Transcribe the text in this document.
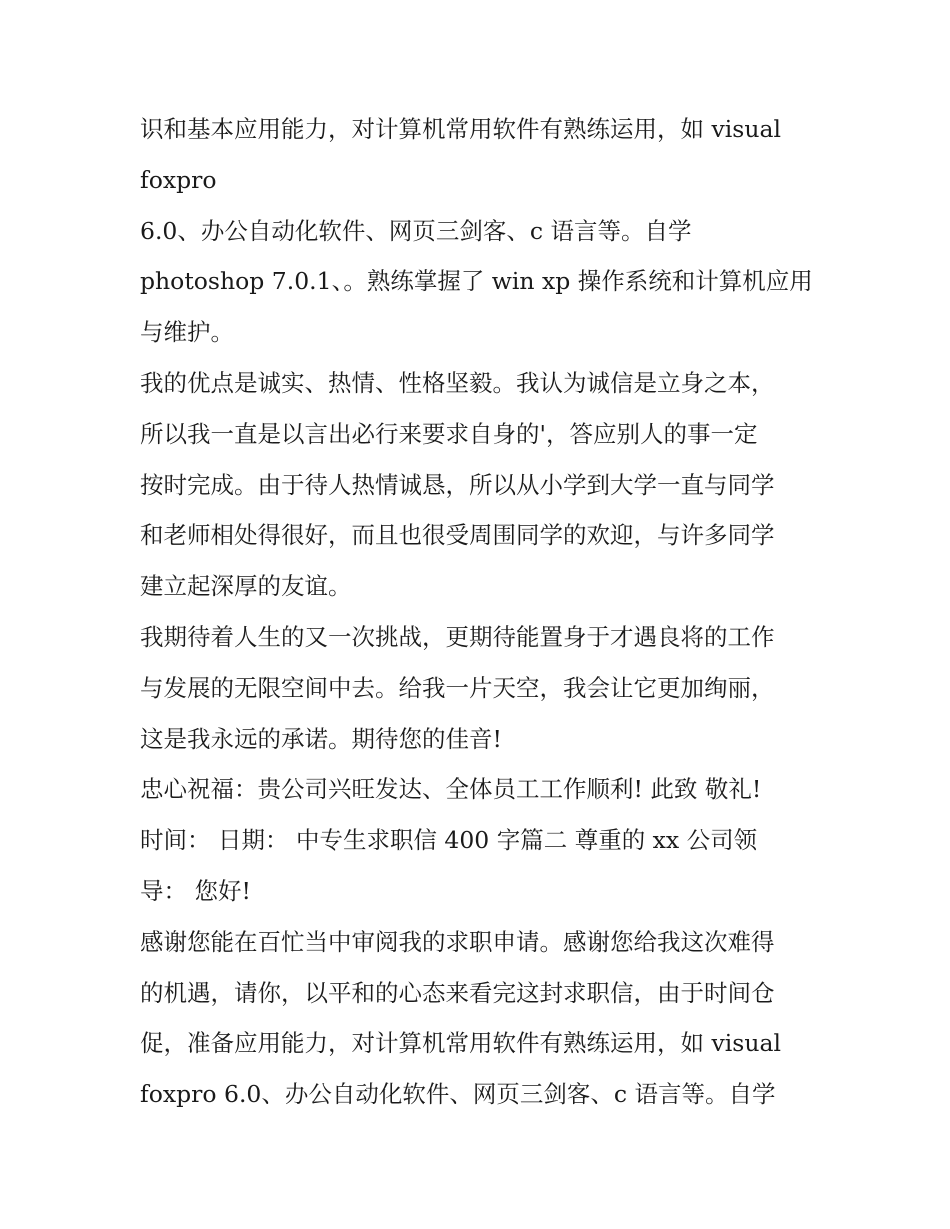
识和基本应用能力，对计算机常用软件有熟练运用，如 visual
foxpro
6.0、办公自动化软件、网页三剑客、c 语言等。自学
photoshop 7.0.1、。熟练掌握了 win xp 操作系统和计算机应用
与维护。
我的优点是诚实、热情、性格坚毅。我认为诚信是立身之本，
所以我一直是以言出必行来要求自身的'，答应别人的事一定
按时完成。由于待人热情诚恳，所以从小学到大学一直与同学
和老师相处得很好，而且也很受周围同学的欢迎，与许多同学
建立起深厚的友谊。
我期待着人生的又一次挑战，更期待能置身于才遇良将的工作
与发展的无限空间中去。给我一片天空，我会让它更加绚丽，
这是我永远的承诺。期待您的佳音!
忠心祝福：贵公司兴旺发达、全体员工工作顺利! 此致 敬礼!
时间： 日期： 中专生求职信 400 字篇二 尊重的 xx 公司领
导： 您好!
感谢您能在百忙当中审阅我的求职申请。感谢您给我这次难得
的机遇，请你，以平和的心态来看完这封求职信，由于时间仓
促，准备应用能力，对计算机常用软件有熟练运用，如 visual
foxpro 6.0、办公自动化软件、网页三剑客、c 语言等。自学
